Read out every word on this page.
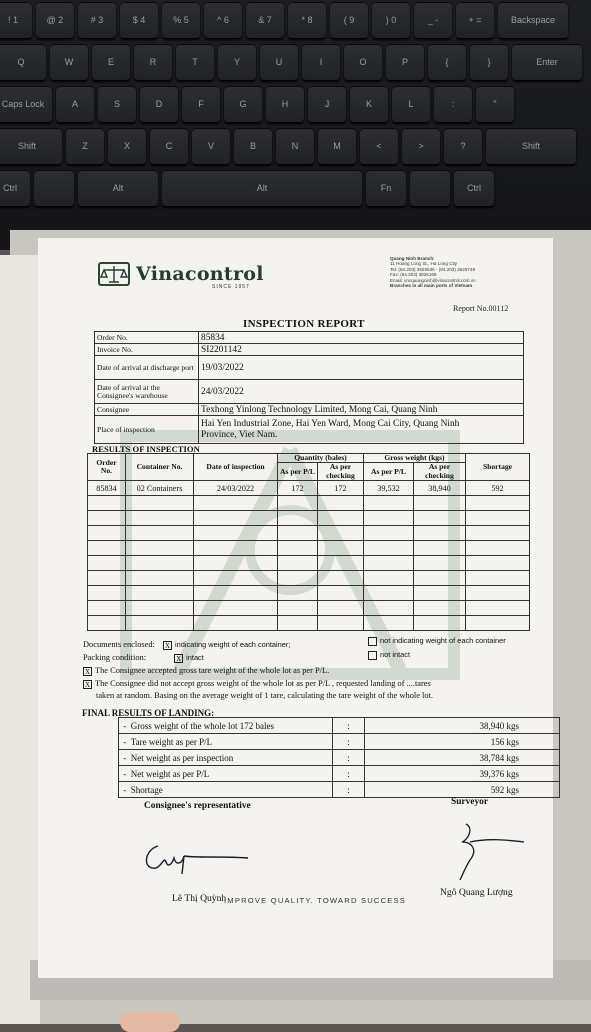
! 1	@ 2	# 3	$ 4	% 5	^ 6	& 7	* 8	( 9	) 0	_ -	+ =	Backspace
Q	W	E	R	T	Y	U	I	O	P	{	}	Enter
Caps Lock	A	S	D	F	G	H	J	K	L	:	"
Shift	Z	X	C	V	B	N	M	<	>	?	Shift
Ctrl	Alt	Alt	Fn	Ctrl
Vinacontrol
SINCE 1957
Quang Ninh Branch:
11 Hoang Long St., Ha Long City
Tel: (84.203) 3825535 - (84.203) 3629749
Fax: (84.203) 3826169
Email: vncquangninh@vinacontrol.com.vn
Branches in all main ports of Vietnam
Report No.00112
INSPECTION REPORT
Order No.	85834
Invoice No.	SI2201142
Date of arrival at discharge port	19/03/2022
Date of arrival at the Consignee's warehouse	24/03/2022
Consignee	Texhong Yinlong Technology Limited, Mong Cai, Quang Ninh
Place of inspection	Hai Yen Industrial Zone, Hai Yen Ward, Mong Cai City, Quang Ninh
Province, Viet Nam.
RESULTS OF INSPECTION
Order No.	Container No.	Date of inspection	Quantity (bales)		Gross weight (kgs)		Shortage
			As per P/L	As per checking	As per P/L	As per checking	
85834	02 Containers	24/03/2022	172	172	39,532	38,940	592

Documents enclosed: X indicating weight of each container;	not indicating weight of each container
Packing condition:	X intact	not intact
X The Consignee accepted gross tare weight of the whole lot as per P/L.
X The Consignee did not accept gross weight of the whole lot as per P/L , requested landing of ....tares
taken at random. Basing on the average weight of 1 tare, calculating the tare weight of the whole lot.
FINAL RESULTS OF LANDING:
-  Gross weight of the whole lot 172 bales	:	38,940 kgs
-  Tare weight as per P/L	:	156 kgs
-  Net weight as per inspection	:	38,784 kgs
-  Net weight as per P/L	:	39,376 kgs
-  Shortage	:	592 kgs
Consignee's representative	Surveyor
Lê Thị Quỳnh
IMPROVE QUALITY. TOWARD SUCCESS
Ngô Quang Lượng
